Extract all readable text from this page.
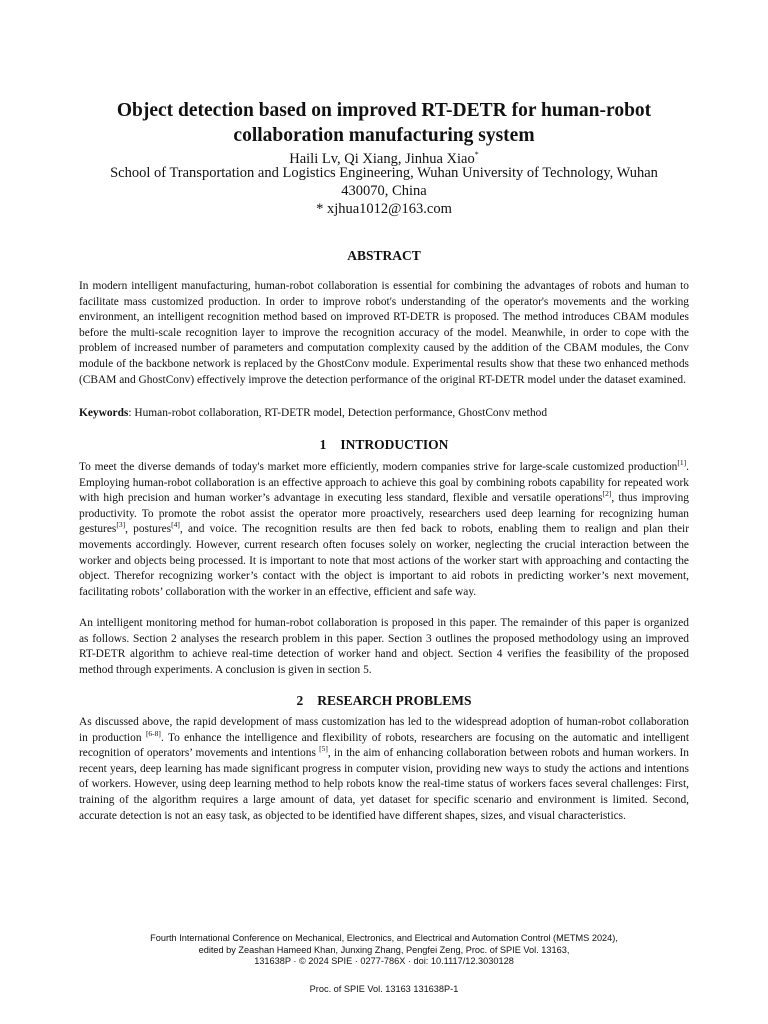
Object detection based on improved RT-DETR for human-robot
collaboration manufacturing system
Haili Lv, Qi Xiang, Jinhua Xiao*
School of Transportation and Logistics Engineering, Wuhan University of Technology, Wuhan
430070, China
* xjhua1012@163.com
ABSTRACT

In modern intelligent manufacturing, human-robot collaboration is essential for combining the advantages of robots and human to facilitate mass customized production. In order to improve robot's understanding of the operator's movements and the working environment, an intelligent recognition method based on improved RT-DETR is proposed. The method introduces CBAM modules before the multi-scale recognition layer to improve the recognition accuracy of the model. Meanwhile, in order to cope with the problem of increased number of parameters and computation complexity caused by the addition of the CBAM modules, the Conv module of the backbone network is replaced by the GhostConv module. Experimental results show that these two enhanced methods (CBAM and GhostConv) effectively improve the detection performance of the original RT-DETR model under the dataset examined.

Keywords: Human-robot collaboration, RT-DETR model, Detection performance, GhostConv method
1 INTRODUCTION

To meet the diverse demands of today's market more efficiently, modern companies strive for large-scale customized production[1]. Employing human-robot collaboration is an effective approach to achieve this goal by combining robots capability for repeated work with high precision and human worker’s advantage in executing less standard, flexible and versatile operations[2], thus improving productivity. To promote the robot assist the operator more proactively, researchers used deep learning for recognizing human gestures[3], postures[4], and voice. The recognition results are then fed back to robots, enabling them to realign and plan their movements accordingly. However, current research often focuses solely on worker, neglecting the crucial interaction between the worker and objects being processed. It is important to note that most actions of the worker start with approaching and contacting the object. Therefor recognizing worker’s contact with the object is important to aid robots in predicting worker’s next movement, facilitating robots’ collaboration with the worker in an effective, efficient and safe way.

An intelligent monitoring method for human-robot collaboration is proposed in this paper. The remainder of this paper is organized as follows. Section 2 analyses the research problem in this paper. Section 3 outlines the proposed methodology using an improved RT-DETR algorithm to achieve real-time detection of worker hand and object. Section 4 verifies the feasibility of the proposed method through experiments. A conclusion is given in section 5.

2 RESEARCH PROBLEMS

As discussed above, the rapid development of mass customization has led to the widespread adoption of human-robot collaboration in production [6-8]. To enhance the intelligence and flexibility of robots, researchers are focusing on the automatic and intelligent recognition of operators’ movements and intentions [5], in the aim of enhancing collaboration between robots and human workers. In recent years, deep learning has made significant progress in computer vision, providing new ways to study the actions and intentions of workers. However, using deep learning method to help robots know the real-time status of workers faces several challenges: First, training of the algorithm requires a large amount of data, yet dataset for specific scenario and environment is limited. Second, accurate detection is not an easy task, as objected to be identified have different shapes, sizes, and visual characteristics.

Fourth International Conference on Mechanical, Electronics, and Electrical and Automation Control (METMS 2024),
edited by Zeashan Hameed Khan, Junxing Zhang, Pengfei Zeng, Proc. of SPIE Vol. 13163,
131638P · © 2024 SPIE · 0277-786X · doi: 10.1117/12.3030128
Proc. of SPIE Vol. 13163 131638P-1
